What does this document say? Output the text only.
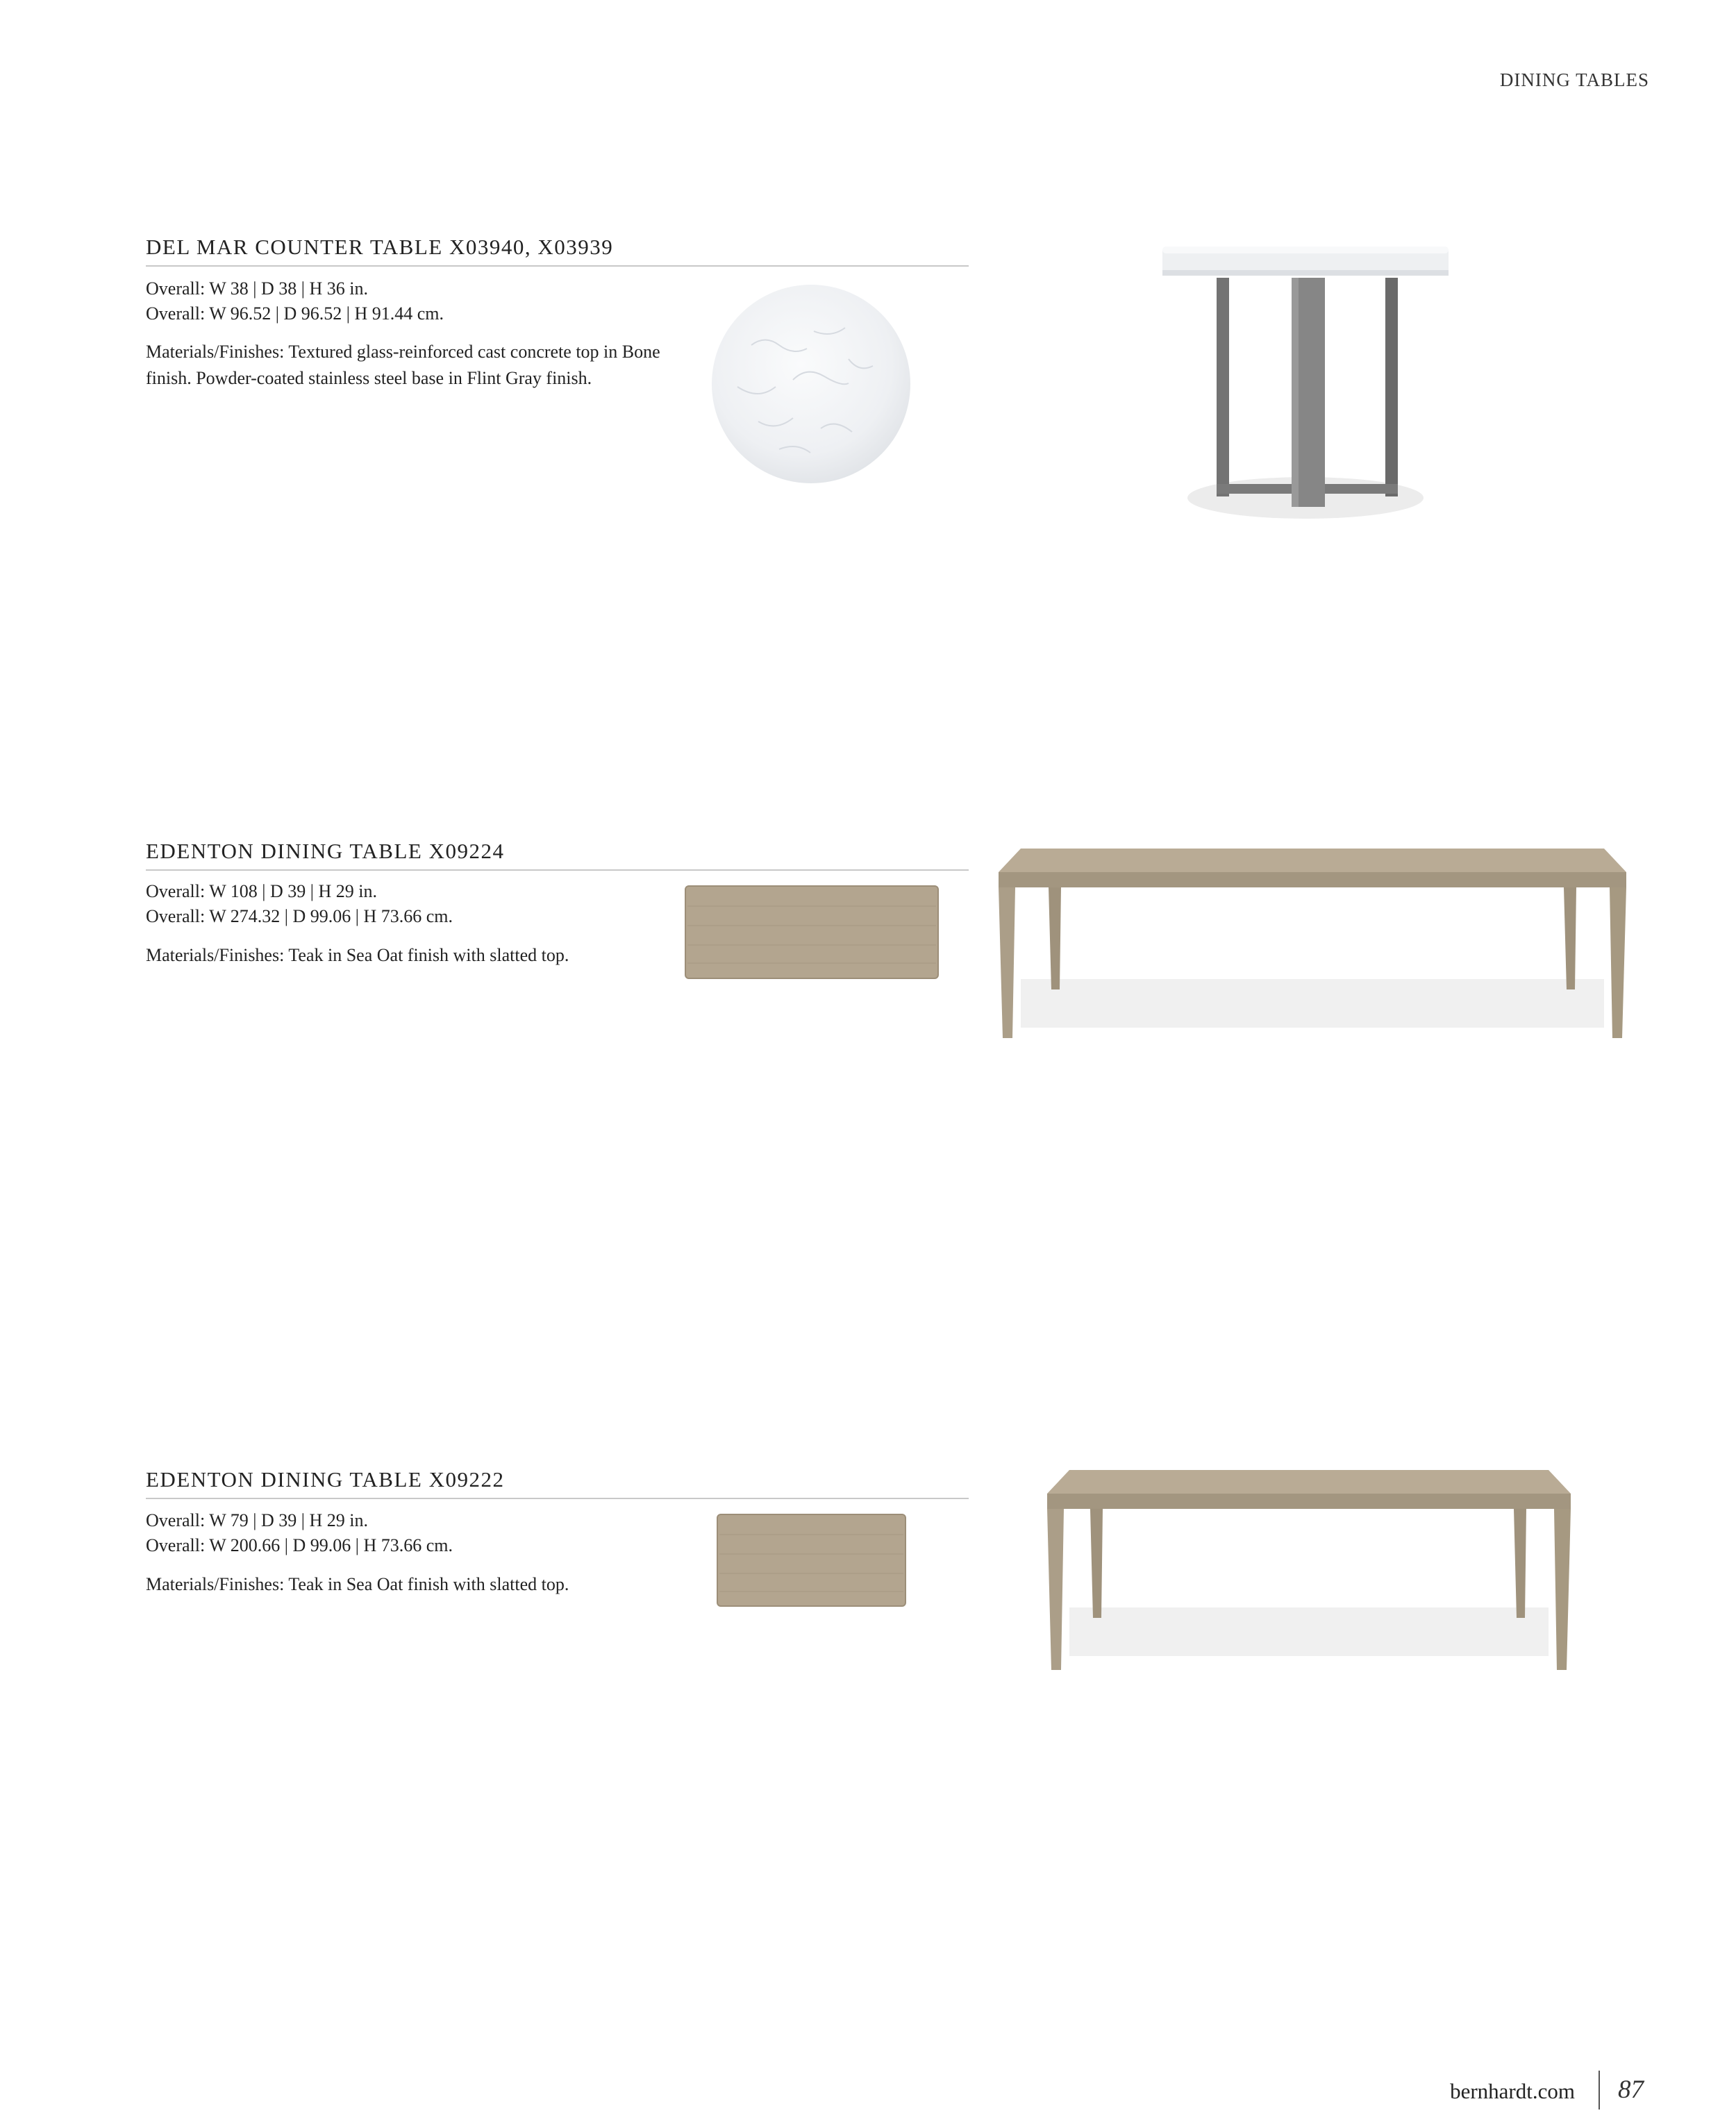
DINING TABLES
DEL MAR COUNTER TABLE X03940, X03939
Overall: W 38 | D 38 | H 36 in.
Overall: W 96.52 | D 96.52 | H 91.44 cm.
Materials/Finishes: Textured glass-reinforced cast concrete top in Bone finish. Powder-coated stainless steel base in Flint Gray finish.
EDENTON DINING TABLE X09224
Overall: W 108 | D 39 | H 29 in.
Overall: W 274.32 | D 99.06 | H 73.66 cm.
Materials/Finishes: Teak in Sea Oat finish with slatted top.
EDENTON DINING TABLE X09222
Overall: W 79 | D 39 | H 29 in.
Overall: W 200.66 | D 99.06 | H 73.66 cm.
Materials/Finishes: Teak in Sea Oat finish with slatted top.
bernhardt.com 87
